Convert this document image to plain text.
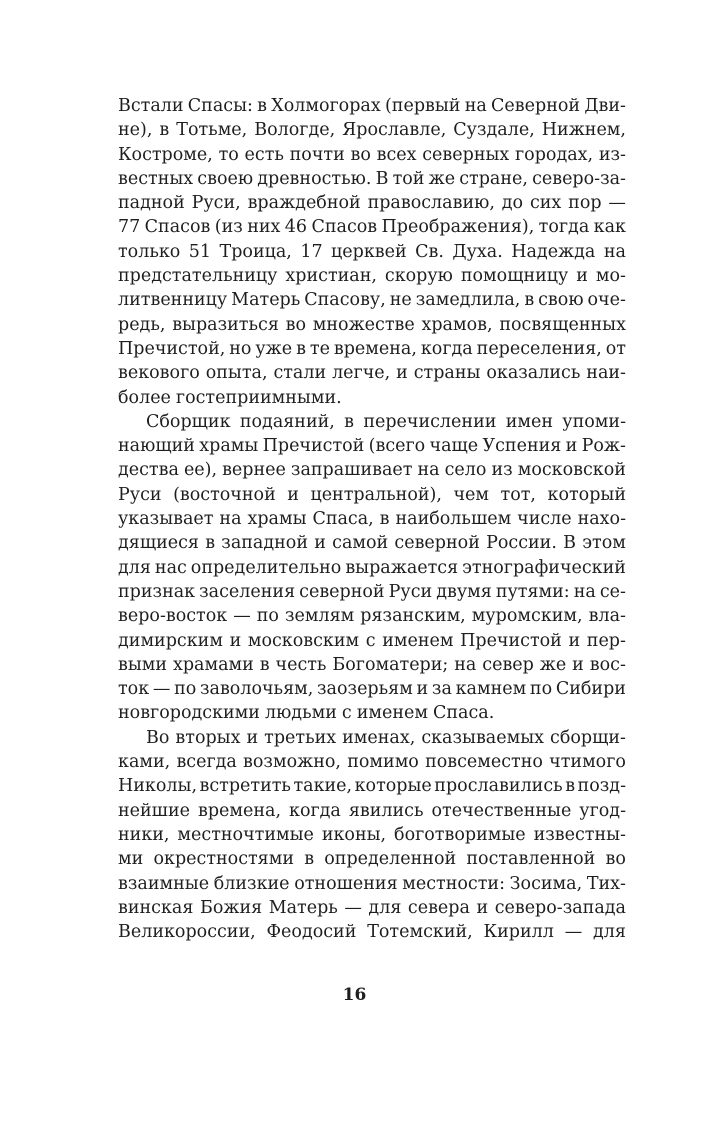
Встали Спасы: в Холмогорах (первый на Северной Дви-
не), в Тотьме, Вологде, Ярославле, Суздале, Нижнем,
Костроме, то есть почти во всех северных городах, из-
вестных своею древностью. В той же стране, северо-за-
падной Руси, враждебной православию, до сих пор —
77 Спасов (из них 46 Спасов Преображения), тогда как
только 51 Троица, 17 церквей Св. Духа. Надежда на
предстательницу христиан, скорую помощницу и мо-
литвенницу Матерь Спасову, не замедлила, в свою оче-
редь, выразиться во множестве храмов, посвященных
Пречистой, но уже в те времена, когда переселения, от
векового опыта, стали легче, и страны оказались наи-
более гостеприимными.
Сборщик подаяний, в перечислении имен упоми-
нающий храмы Пречистой (всего чаще Успения и Рож-
дества ее), вернее запрашивает на село из московской
Руси (восточной и центральной), чем тот, который
указывает на храмы Спаса, в наибольшем числе нахо-
дящиеся в западной и самой северной России. В этом
для нас определительно выражается этнографический
признак заселения северной Руси двумя путями: на се-
веро-восток — по землям рязанским, муромским, вла-
димирским и московским с именем Пречистой и пер-
выми храмами в честь Богоматери; на север же и вос-
ток — по заволочьям, заозерьям и за камнем по Сибири
новгородскими людьми с именем Спаса.
Во вторых и третьих именах, сказываемых сборщи-
ками, всегда возможно, помимо повсеместно чтимого
Николы, встретить такие, которые прославились в позд-
нейшие времена, когда явились отечественные угод-
ники, местночтимые иконы, боготворимые известны-
ми окрестностями в определенной поставленной во
взаимные близкие отношения местности: Зосима, Тих-
винская Божия Матерь — для севера и северо-запада
Великороссии, Феодосий Тотемский, Кирилл — для
16
